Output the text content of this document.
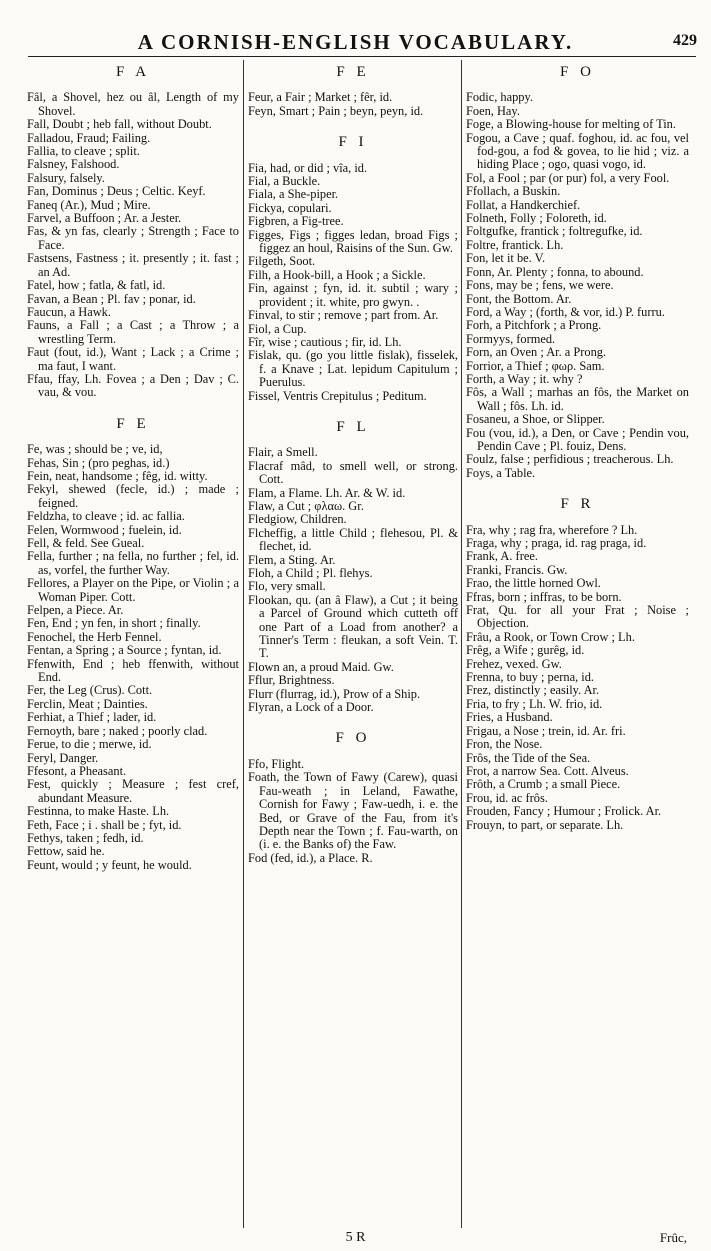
A CORNISH-ENGLISH VOCABULARY.	429
F A
Fâl, a Shovel, hez ou âl, Length of my Shovel.
Fall, Doubt ; heb fall, without Doubt.
Falladou, Fraud; Failing.
Fallia, to cleave ; split.
Falsney, Falshood.
Falsury, falsely.
Fan, Dominus ; Deus ; Celtic. Keyf.
Faneq (Ar.), Mud ; Mire.
Farvel, a Buffoon ; Ar. a Jester.
Fas, & yn fas, clearly ; Strength ; Face to Face.
Fastsens, Fastness ; it. presently ; it. fast ; an Ad.
Fatel, how ; fatla, & fatl, id.
Favan, a Bean ; Pl. fav ; ponar, id.
Faucun, a Hawk.
Fauns, a Fall ; a Cast ; a Throw ; a wrestling Term.
Faut (fout, id.), Want ; Lack ; a Crime ; ma faut, I want.
Ffau, ffay, Lh. Fovea ; a Den ; Dav ; C. vau, & vou.
F E
Fe, was ; should be ; ve, id,
Fehas, Sin ; (pro peghas, id.)
Fein, neat, handsome ; fêg, id. witty.
Fekyl, shewed (fecle, id.) ; made ; feigned.
Feldzha, to cleave ; id. ac fallia.
Felen, Wormwood ; fuelein, id.
Fell, & feld. See Gueal.
Fella, further ; na fella, no further ; fel, id. as, vorfel, the further Way.
Fellores, a Player on the Pipe, or Violin ; a Woman Piper. Cott.
Felpen, a Piece. Ar.
Fen, End ; yn fen, in short ; finally.
Fenochel, the Herb Fennel.
Fentan, a Spring ; a Source ; fyntan, id.
Ffenwith, End ; heb ffenwith, without End.
Fer, the Leg (Crus). Cott.
Ferclin, Meat ; Dainties.
Ferhiat, a Thief ; lader, id.
Fernoyth, bare ; naked ; poorly clad.
Ferue, to die ; merwe, id.
Feryl, Danger.
Ffesont, a Pheasant.
Fest, quickly ; Measure ; fest cref, abundant Measure.
Festinna, to make Haste. Lh.
Feth, Face ; i . shall be ; fyt, id.
Fethys, taken ; fedh, id.
Fettow, said he.
Feunt, would ; y feunt, he would.
F E
Feur, a Fair ; Market ; fêr, id.
Feyn, Smart ; Pain ; beyn, peyn, id.
F I
Fia, had, or did ; vîa, id.
Fial, a Buckle.
Fiala, a She-piper.
Fickya, copulari.
Figbren, a Fig-tree.
Figges, Figs ; figges ledan, broad Figs ; figgez an houl, Raisins of the Sun. Gw.
Filgeth, Soot.
Filh, a Hook-bill, a Hook ; a Sickle.
Fin, against ; fyn, id. it. subtil ; wary ; provident ; it. white, pro gwyn. .
Finval, to stir ; remove ; part from. Ar.
Fiol, a Cup.
Fîr, wise ; cautious ; fir, id. Lh.
Fislak, qu. (go you little fislak), fisselek, f. a Knave ; Lat. lepidum Capitulum ; Puerulus.
Fissel, Ventris Crepitulus ; Peditum.
F L
Flair, a Smell.
Flacraf mâd, to smell well, or strong. Cott.
Flam, a Flame. Lh. Ar. & W. id.
Flaw, a Cut ; φλαω. Gr.
Fledgiow, Children.
Flcheffig, a little Child ; flehesou, Pl. & flechet, id.
Flem, a Sting. Ar.
Floh, a Child ; Pl. flehys.
Flo, very small.
Flookan, qu. (an â Flaw), a Cut ; it being a Parcel of Ground which cutteth off one Part of a Load from another? a Tinner's Term : fleukan, a soft Vein. T. T.
Flown an, a proud Maid. Gw.
Fflur, Brightness.
Flurr (flurrag, id.), Prow of a Ship.
Flyran, a Lock of a Door.
F O
Ffo, Flight.
Foath, the Town of Fawy (Carew), quasi Fau-weath ; in Leland, Fawathe, Cornish for Fawy ; Faw-uedh, i. e. the Bed, or Grave of the Fau, from it's Depth near the Town ; f. Fau-warth, on (i. e. the Banks of) the Faw.
Fod (fed, id.), a Place. R.
F O
Fodic, happy.
Foen, Hay.
Foge, a Blowing-house for melting of Tin.
Fogou, a Cave ; quaf. foghou, id. ac fou, vel fod-gou, a fod & govea, to lie hid ; viz. a hiding Place ; ogo, quasi vogo, id.
Fol, a Fool ; par (or pur) fol, a very Fool.
Ffollach, a Buskin.
Follat, a Handkerchief.
Folneth, Folly ; Foloreth, id.
Foltgufke, frantick ; foltregufke, id.
Foltre, frantick. Lh.
Fon, let it be. V.
Fonn, Ar. Plenty ; fonna, to abound.
Fons, may be ; fens, we were.
Font, the Bottom. Ar.
Ford, a Way ; (forth, & vor, id.) P. furru.
Forh, a Pitchfork ; a Prong.
Formyys, formed.
Forn, an Oven ; Ar. a Prong.
Forrior, a Thief ; φωρ. Sam.
Forth, a Way ; it. why ?
Fôs, a Wall ; marhas an fôs, the Market on Wall ; fôs. Lh. id.
Fosaneu, a Shoe, or Slipper.
Fou (vou, id.), a Den, or Cave ; Pendin vou, Pendin Cave ; Pl. fouiz, Dens.
Foulz, false ; perfidious ; treacherous. Lh.
Foys, a Table.
F R
Fra, why ; rag fra, wherefore ? Lh.
Fraga, why ; praga, id. rag praga, id.
Frank, A. free.
Franki, Francis. Gw.
Frao, the little horned Owl.
Ffras, born ; inffras, to be born.
Frat, Qu. for all your Frat ; Noise ; Objection.
Frâu, a Rook, or Town Crow ; Lh.
Frêg, a Wife ; gurêg, id.
Frehez, vexed. Gw.
Frenna, to buy ; perna, id.
Frez, distinctly ; easily. Ar.
Fria, to fry ; Lh. W. frio, id.
Fries, a Husband.
Frigau, a Nose ; trein, id. Ar. fri.
Fron, the Nose.
Frôs, the Tide of the Sea.
Frot, a narrow Sea. Cott. Alveus.
Frôth, a Crumb ; a small Piece.
Frou, id. ac frôs.
Frouden, Fancy ; Humour ; Frolick. Ar.
Frouyn, to part, or separate. Lh.
5 R	Frûc,
